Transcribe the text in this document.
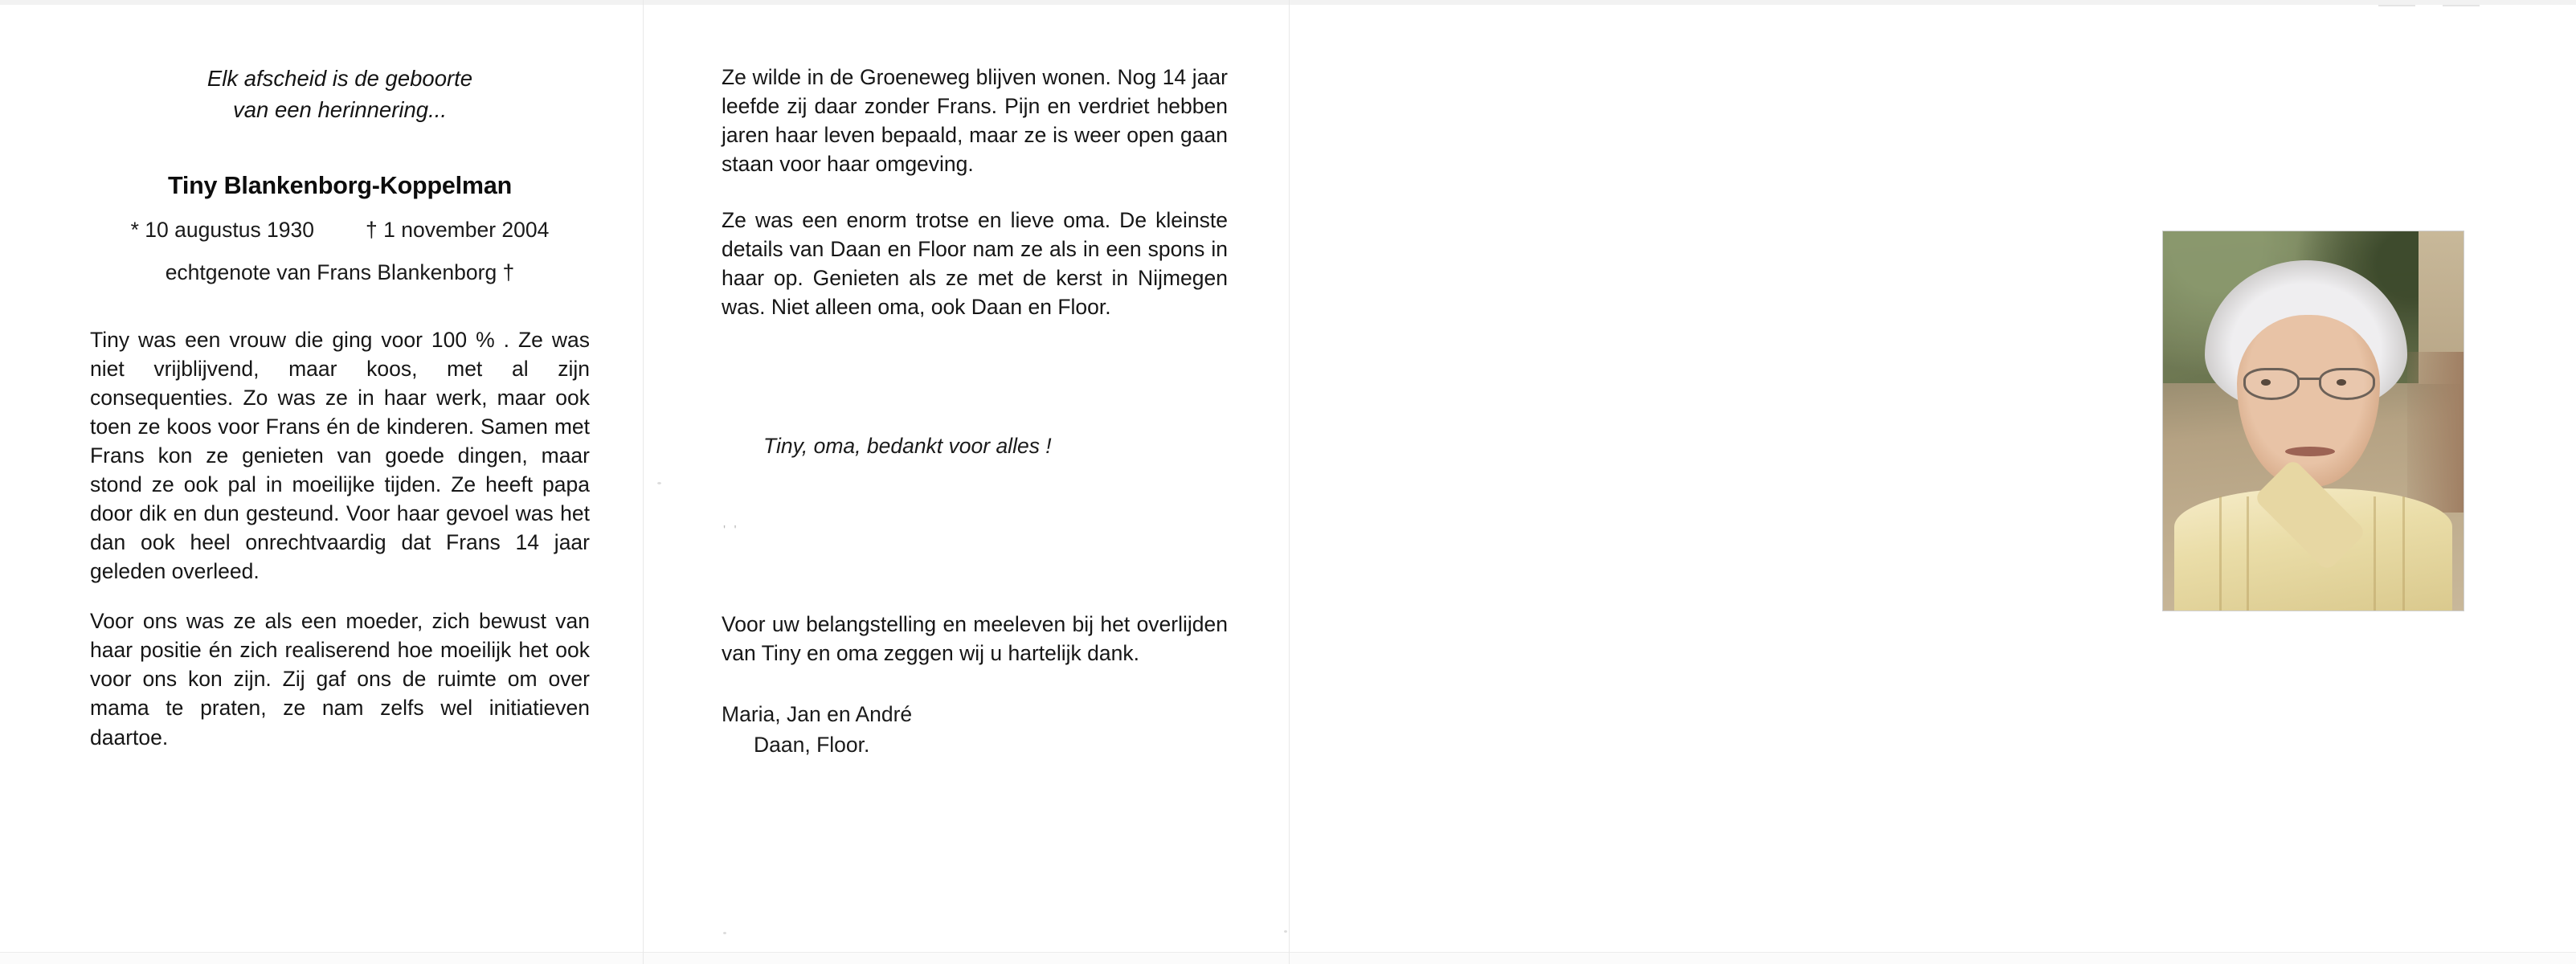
Elk afscheid is de geboorte
van een herinnering...
Tiny Blankenborg-Koppelman
* 10 augustus 1930 † 1 november 2004
echtgenote van Frans Blankenborg †

Tiny was een vrouw die ging voor 100 % . Ze was niet vrijblijvend, maar koos, met al zijn consequenties. Zo was ze in haar werk, maar ook toen ze koos voor Frans én de kinderen. Samen met Frans kon ze genieten van goede dingen, maar stond ze ook pal in moeilijke tijden. Ze heeft papa door dik en dun gesteund. Voor haar gevoel was het dan ook heel onrechtvaardig dat Frans 14 jaar geleden overleed.

Voor ons was ze als een moeder, zich bewust van haar positie én zich realiserend hoe moeilijk het ook voor ons kon zijn. Zij gaf ons de ruimte om over mama te praten, ze nam zelfs wel initiatieven daartoe.

Ze wilde in de Groeneweg blijven wonen. Nog 14 jaar leefde zij daar zonder Frans. Pijn en verdriet hebben jaren haar leven bepaald, maar ze is weer open gaan staan voor haar omgeving.

Ze was een enorm trotse en lieve oma. De kleinste details van Daan en Floor nam ze als in een spons in haar op. Genieten als ze met de kerst in Nijmegen was. Niet alleen oma, ook Daan en Floor.

Tiny, oma, bedankt voor alles !

Voor uw belangstelling en meeleven bij het overlijden van Tiny en oma zeggen wij u hartelijk dank.

Maria, Jan en André
Daan, Floor.
' '
